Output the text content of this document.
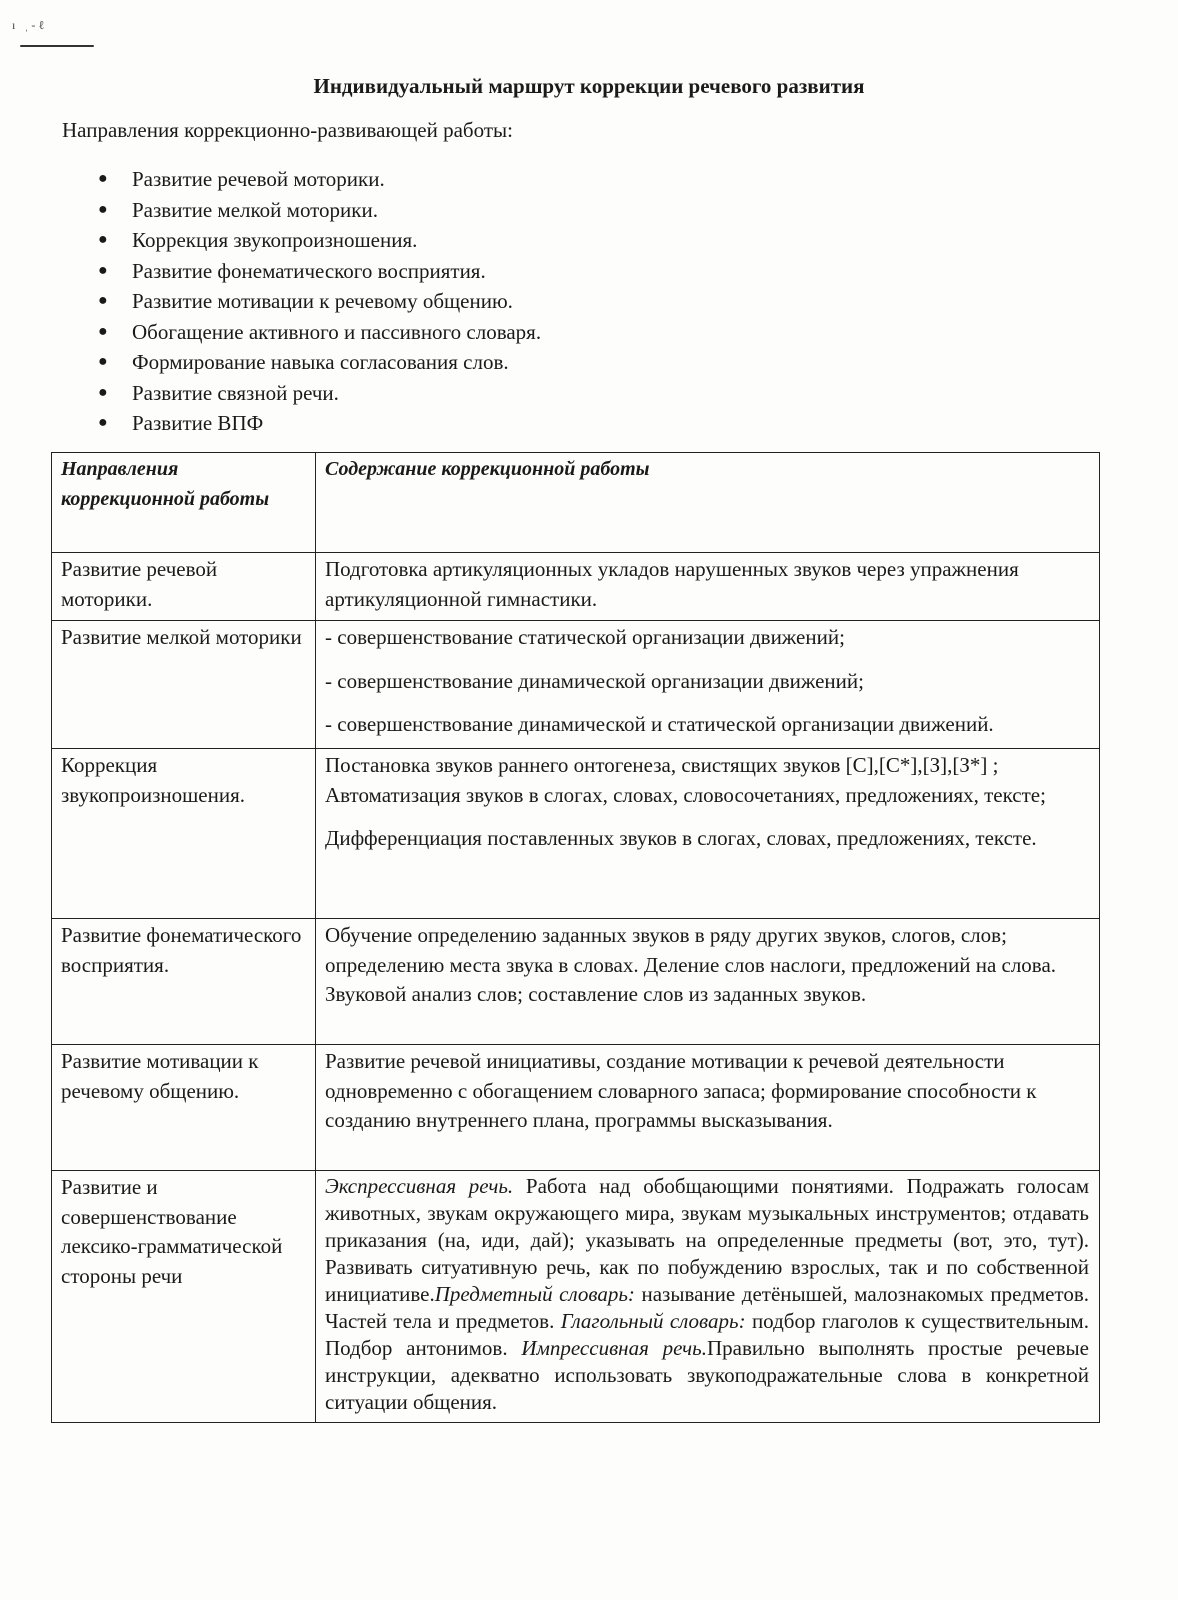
ı ˌ-ℓ
Индивидуальный маршрут коррекции речевого развития
Направления коррекционно-развивающей работы:
● Развитие речевой моторики.
● Развитие мелкой моторики.
● Коррекция звукопроизношения.
● Развитие фонематического восприятия.
● Развитие мотивации к речевому общению.
● Обогащение активного и пассивного словаря.
● Формирование навыка согласования слов.
● Развитие связной речи.
● Развитие ВПФ
Направления коррекционной работы	Содержание коррекционной работы
Развитие речевой моторики.	Подготовка артикуляционных укладов нарушенных звуков через упражнения артикуляционной гимнастики.

Развитие мелкой моторики	- совершенствование статической организации движений;

- совершенствование динамической организации движений;

- совершенствование динамической и статической организации движений.

Коррекция звукопроизношения.	Постановка звуков раннего онтогенеза, свистящих звуков [С],[С*],[З],[З*] ; Автоматизация звуков в слогах, словах, словосочетаниях, предложениях, тексте;

Дифференциация поставленных звуков в слогах, словах, предложениях, тексте.

Развитие фонематического восприятия.	Обучение определению заданных звуков в ряду других звуков, слогов, слов; определению места звука в словах. Деление слов наслоги, предложений на слова. Звуковой анализ слов; составление слов из заданных звуков.

Развитие мотивации к речевому общению.	Развитие речевой инициативы, создание мотивации к речевой деятельности одновременно с обогащением словарного запаса; формирование способности к созданию внутреннего плана, программы высказывания.

Развитие и совершенствование лексико-грамматической стороны речи	Экспрессивная речь. Работа над обобщающими понятиями. Подражать голосам животных, звукам окружающего мира, звукам музыкальных инструментов; отдавать приказания (на, иди, дай); указывать на определенные предметы (вот, это, тут). Развивать ситуативную речь, как по побуждению взрослых, так и по собственной инициативе.Предметный словарь: называние детёнышей, малознакомых предметов. Частей тела и предметов. Глагольный словарь: подбор глаголов к существительным. Подбор антонимов. Импрессивная речь.Правильно выполнять простые речевые инструкции, адекватно использовать звукоподражательные слова в конкретной ситуации общения.
